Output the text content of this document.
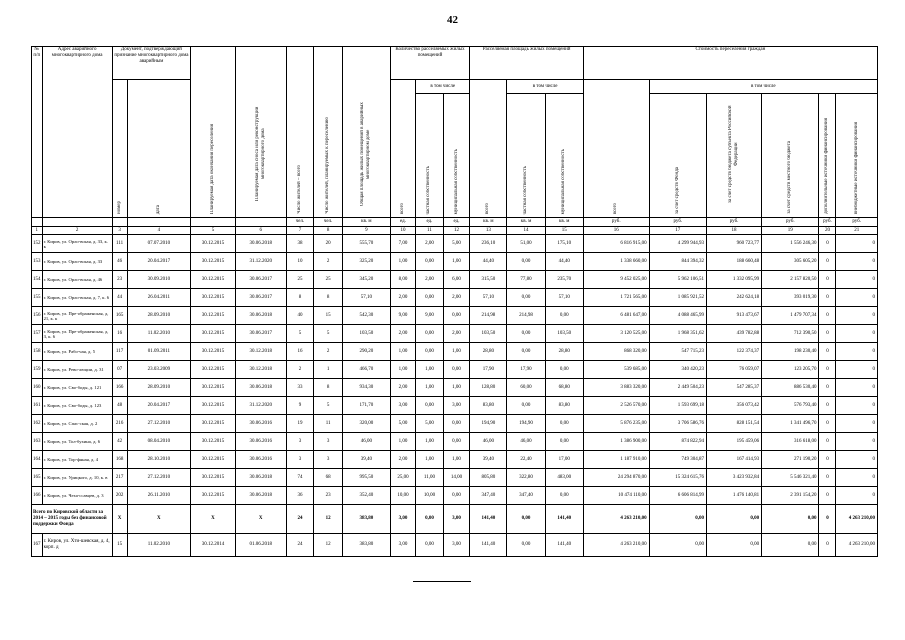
42
№ п/п	Адрес аварийного многоквартирного дома	Документ, подтверждающий признание многоквартирного дома аварийным		Планируемая дата окончания переселения	Планируемая дата сноса или реконструкции многоквартирного дома	Число жителей – всего	Число жителей, планируемых к переселению	Общая площадь жилых помещений в аварийных многоквартирном доме	Количество расселяемых жилых помещений			Расселяемая площадь жилых помещений			Стоимость переселения граждан					
		номер	дата						всего	в том числе		всего	в том числе		всего	в том числе				
										частная собственность	муниципальная собственность		частная собственность	муниципальная собственность		за счет средств Фонда	за счет средств бюджета субъекта Российской Федерации	за счет средств местного бюджета	дополнительные источники финансирования	внебюджетные источники финансирования
						чел.	чел.	кв. м	ед.	ед.	ед.	кв. м	кв. м	кв. м	руб.	руб.	руб.	руб.	руб.	руб.
1	2	3	4	5	6	7	8	9	10	11	12	13	14	15	16	17	18	19	20	21
152	г. Киров, ул. Орло-вская, д. 33, к. к	111	07.07.2010	30.12.2015	30.06.2018	38	20	555,70	7,00	2,00	5,00	236,10	51,00	175,10	6 816 915,00	4 299 944,93	960 723,77	1 556 246,30	0	0
153	г. Киров, ул. Орло-вская, д. 33	46	20.04.2017	30.12.2015	31.12.2020	10	2	325,20	1,00	0,00	1,00	44,40	0,00	44,40	1 338 660,00	844 394,32	188 660,48	305 605,20	0	0
154	г. Киров, ул. Орло-вская, д. 46	23	30.09.2010	30.12.2015	30.06.2017	25	25	345,20	8,00	2,00	6,00	315,50	77,80	235,70	9 452 025,00	5 962 106,51	1 332 095,99	2 157 820,50	0	0
155	г. Киров, ул. Орло-вская, д. 7, к. 6	44	26.04.2011	30.12.2015	30.06.2017	8	8	57,10	2,00	0,00	2,00	57,10	0,00	57,10	1 721 565,00	1 085 921,52	242 624,18	393 019,30	0	0
156	г. Киров, ул. Пре-ображенская, д. 21, к. к	165	28.09.2010	30.12.2015	30.06.2018	40	15	542,30	9,00	9,00	0,00	214,98	214,98	0,00	6 481 647,00	4 088 465,99	913 473,67	1 479 707,34	0	0
157	г. Киров, ул. Пре-ображенская, д. 3, к. 6	16	11.02.2010	30.12.2015	30.06.2017	5	5	103,50	2,00	0,00	2,00	103,50	0,00	103,50	3 120 525,00	1 968 351,62	439 782,88	712 390,50	0	0
158	г. Киров, ул. Рабо-чая, д. 5	117	01.09.2011	30.12.2015	30.12.2018	16	2	290,20	1,00	0,00	1,00	28,80	0,00	28,80	868 320,00	547 715,23	122 374,37	198 230,40	0	0
159	г. Киров, ул. Рево-люции, д. 31	07	23.03.2009	30.12.2015	30.12.2018	2	1	466,70	1,00	1,00	0,00	17,90	17,90	0,00	539 685,00	340 420,23	76 059,07	123 205,70	0	0
160	г. Киров, ул. Сво-боды, д. 121	166	28.09.2010	30.12.2015	30.06.2018	33	8	934,30	2,00	1,00	1,00	128,80	60,00	68,80	3 883 320,00	2 449 504,23	547 285,37	886 530,40	0	0
161	г. Киров, ул. Сво-боды, д. 123	48	20.04.2017	30.12.2015	31.12.2020	9	5	171,70	3,00	0,00	3,00	83,80	0,00	83,80	2 526 570,00	1 593 699,18	356 073,42	576 793,40	0	0
162	г. Киров, ул. Спас-ская, д. 2	216	27.12.2010	30.12.2015	30.06.2016	19	11	320,00	5,00	5,00	0,00	194,90	194,90	0,00	5 876 235,00	3 706 586,76	828 151,54	1 341 496,70	0	0
163	г. Киров, ул. Тол-бухина, д. 6	42	08.04.2010	30.12.2015	30.06.2016	3	3	46,00	1,00	1,00	0,00	46,00	46,00	0,00	1 386 900,00	874 822,94	195 459,06	316 618,00	0	0
164	г. Киров, ул. Тор-фяная, д. 4	168	28.10.2010	30.12.2015	30.06.2016	3	3	39,40	2,00	1,00	1,00	39,40	22,40	17,00	1 187 910,00	749 304,87	167 414,93	271 190,20	0	0
165	г. Киров, ул. Урицкого, д. 10, к. в	217	27.12.2010	30.12.2015	30.06.2018	74	68	995,50	25,00	11,00	14,00	805,80	322,80	483,00	24 294 870,00	15 324 615,76	3 423 932,84	5 546 321,40	0	0
166	г. Киров, ул. Чеха-ссавцев, д. 3	202	26.11.2010	30.12.2015	30.06.2018	36	23	352,40	10,00	10,00	0,00	347,40	347,40	0,00	10 474 110,00	6 606 814,99	1 476 140,81	2 391 154,20	0	0
Всего по Кировской области за 2014 – 2015 годы без финансовой поддержки Фонда		X	X	X	X	24	12	383,80	3,00	0,00	3,00	141,40	0,00	141,40	4 263 210,00	0,00	0,00	0,00	0	4 263 210,00
167	г. Киров, ул. Хти-шевская, д. 4, корп. д	15	11.02.2010	30.12.2014	01.06.2018	24	12	383,80	3,00	0,00	3,00	141,40	0,00	141,40	4 263 210,00	0,00	0,00	0,00	0	4 263 210,00
